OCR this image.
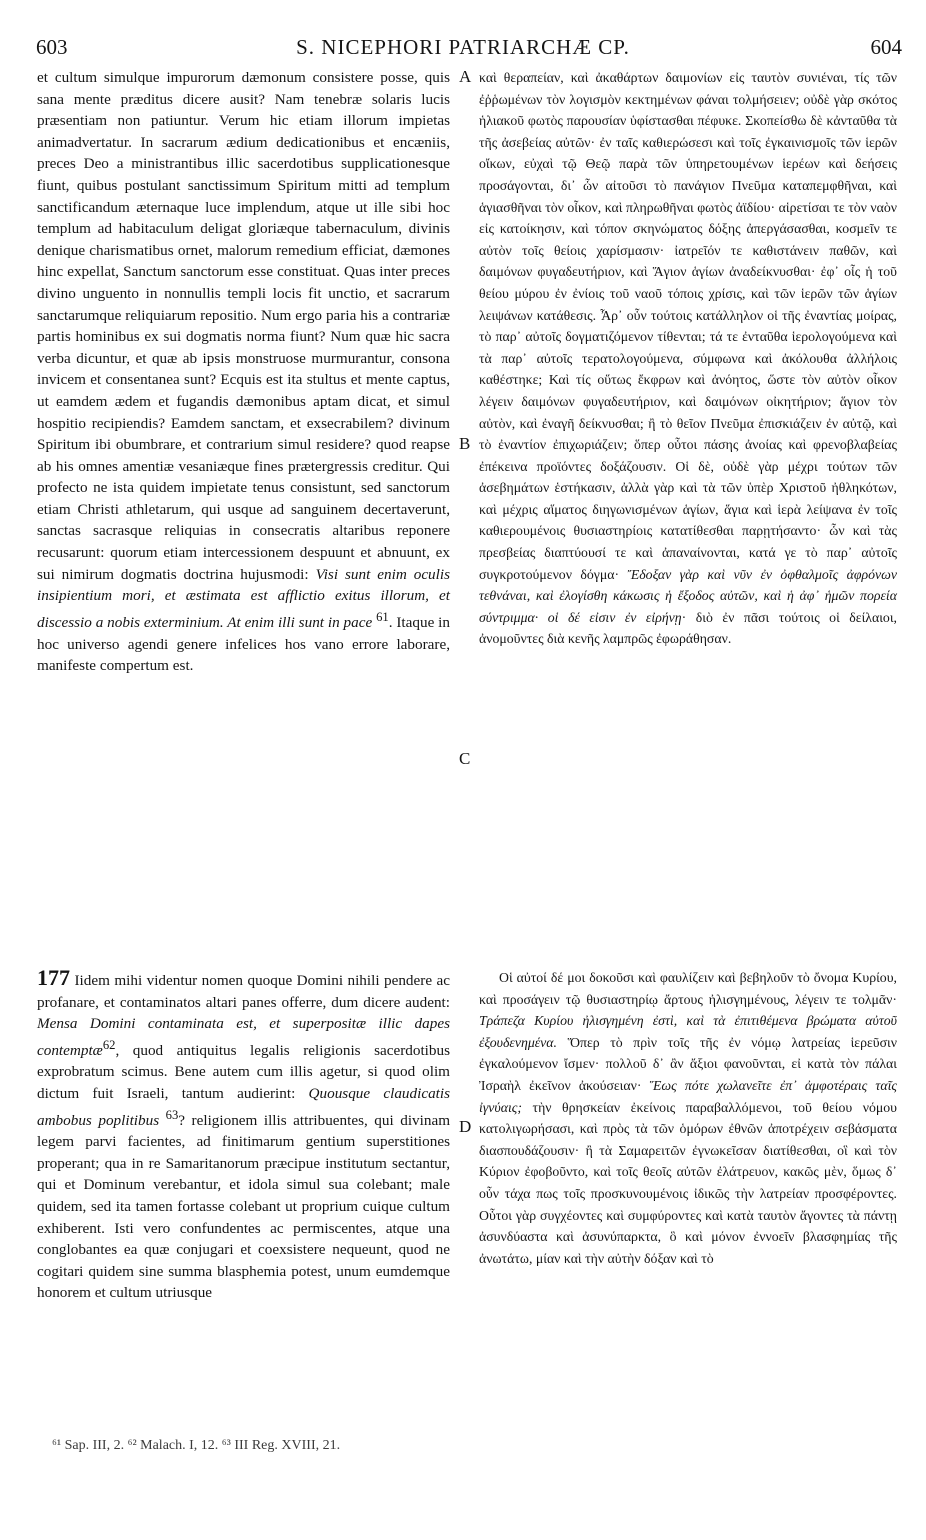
603	S. NICEPHORI PATRIARCHÆ CP.	604
A
B
C
D

et cultum simulque impurorum dæmonum consistere posse, quis sana mente præditus dicere ausit? Nam tenebræ solaris lucis præsentiam non patiuntur. Verum hic etiam illorum impietas animadvertatur. In sacrarum ædium dedicationibus et encæniis, preces Deo a ministrantibus illic sacerdotibus supplicationesque fiunt, quibus postulant sanctissimum Spiritum mitti ad templum sanctificandum æternaque luce implendum, atque ut ille sibi hoc templum ad habitaculum deligat gloriæque tabernaculum, divinis denique charismatibus ornet, malorum remedium efficiat, dæmones hinc expellat, Sanctum sanctorum esse constituat. Quas inter preces divino unguento in nonnullis templi locis fit unctio, et sacrarum sanctarumque reliquiarum repositio. Num ergo paria his a contrariæ partis hominibus ex sui dogmatis norma fiunt? Num quæ hic sacra verba dicuntur, et quæ ab ipsis monstruose murmurantur, consona invicem et consentanea sunt? Ecquis est ita stultus et mente captus, ut eamdem ædem et fugandis dæmonibus aptam dicat, et simul hospitio recipiendis? Eamdem sanctam, et exsecrabilem? divinum Spiritum ibi obumbrare, et contrarium simul residere? quod reapse ab his omnes amentiæ vesaniæque fines prætergressis creditur. Qui profecto ne ista quidem impietate tenus consistunt, sed sanctorum etiam Christi athletarum, qui usque ad sanguinem decertaverunt, sanctas sacrasque reliquias in consecratis altaribus reponere recusarunt: quorum etiam intercessionem despuunt et abnuunt, ex sui nimirum dogmatis doctrina hujusmodi: Visi sunt enim oculis insipientium mori, et æstimata est afflictio exitus illorum, et discessio a nobis exterminium. At enim illi sunt in pace $^{61}$. Itaque in hoc universo agendi genere infelices hos vano errore laborare, manifeste compertum est.

καὶ θεραπείαν, καὶ ἀκαθάρτων δαιμονίων εἰς ταυτὸν συνιέναι, τίς τῶν ἐῤῥωμένων τὸν λογισμὸν κεκτημένων φάναι τολμήσειεν; οὐδὲ γὰρ σκότος ἡλιακοῦ φωτὸς παρουσίαν ὑφίστασθαι πέφυκε. Σκοπείσθω δὲ κἀνταῦθα τὰ τῆς ἀσεβείας αὐτῶν· ἐν ταῖς καθιερώσεσι καὶ τοῖς ἐγκαινισμοῖς τῶν ἱερῶν οἴκων, εὐχαὶ τῷ Θεῷ παρὰ τῶν ὑπηρετουμένων ἱερέων καὶ δεήσεις προσάγονται, δι᾽ ὧν αἰτοῦσι τὸ πανάγιον Πνεῦμα καταπεμφθῆναι, καὶ ἁγιασθῆναι τὸν οἶκον, καὶ πληρωθῆναι φωτὸς ἀϊδίου· αἱρετίσαι τε τὸν ναὸν εἰς κατοίκησιν, καὶ τόπον σκηνώματος δόξης ἀπεργάσασθαι, κοσμεῖν τε αὐτὸν τοῖς θείοις χαρίσμασιν· ἰατρεῖόν τε καθιστάνειν παθῶν, καὶ δαιμόνων φυγαδευτήριον, καὶ Ἅγιον ἁγίων ἀναδείκνυσθαι· ἐφ᾽ οἷς ἡ τοῦ θείου μύρου ἐν ἐνίοις τοῦ ναοῦ τόποις χρίσις, καὶ τῶν ἱερῶν τῶν ἁγίων λειψάνων κατάθεσις. Ἆρ᾽ οὖν τούτοις κατάλληλον οἱ τῆς ἐναντίας μοίρας, τὸ παρ᾽ αὐτοῖς δογματιζόμενον τίθενται; τά τε ἐνταῦθα ἱερολογούμενα καὶ τὰ παρ᾽ αὐτοῖς τερατολογούμενα, σύμφωνα καὶ ἀκόλουθα ἀλλήλοις καθέστηκε; Καὶ τίς οὕτως ἔκφρων καὶ ἀνόητος, ὥστε τὸν αὐτὸν οἶκον λέγειν δαιμόνων φυγαδευτήριον, καὶ δαιμόνων οἰκητήριον; ἅγιον τὸν αὐτὸν, καὶ ἐναγῆ δείκνυσθαι; ἢ τὸ θεῖον Πνεῦμα ἐπισκιάζειν ἐν αὐτῷ, καὶ τὸ ἐναντίον ἐπιχωριάζειν; ὅπερ οὗτοι πάσης ἀνοίας καὶ φρενοβλαβείας ἐπέκεινα προϊόντες δοξάζουσιν. Οἱ δὲ, οὐδὲ γὰρ μέχρι τούτων τῶν ἀσεβημάτων ἑστήκασιν, ἀλλὰ γὰρ καὶ τὰ τῶν ὑπὲρ Χριστοῦ ἠθληκότων, καὶ μέχρις αἵματος διηγωνισμένων ἁγίων, ἅγια καὶ ἱερὰ λείψανα ἐν τοῖς καθιερουμένοις θυσιαστηρίοις κατατίθεσθαι παρῃτήσαντο· ὧν καὶ τὰς πρεσβείας διαπτύουσί τε καὶ ἀπαναίνονται, κατά γε τὸ παρ᾽ αὐτοῖς συγκροτούμενον δόγμα· Ἔδοξαν γὰρ καὶ νῦν ἐν ὀφθαλμοῖς ἀφρόνων τεθνάναι, καὶ ἐλογίσθη κάκωσις ἡ ἔξοδος αὐτῶν, καὶ ἡ ἀφ᾽ ἡμῶν πορεία σύντριμμα· οἱ δέ εἰσιν ἐν εἰρήνῃ· διὸ ἐν πᾶσι τούτοις οἱ δείλαιοι, ἀνομοῦντες διὰ κενῆς λαμπρῶς ἐφωράθησαν.

177 Iidem mihi videntur nomen quoque Domini nihili pendere ac profanare, et contaminatos altari panes offerre, dum dicere audent: Mensa Domini contaminata est, et superpositæ illic dapes contemptæ$^{62}$, quod antiquitus legalis religionis sacerdotibus exprobratum scimus. Bene autem cum illis agetur, si quod olim dictum fuit Israeli, tantum audierint: Quousque claudicatis ambobus poplitibus $^{63}$? religionem illis attribuentes, qui divinam legem parvi facientes, ad finitimarum gentium superstitiones properant; qua in re Samaritanorum præcipue institutum sectantur, qui et Dominum verebantur, et idola simul sua colebant; male quidem, sed ita tamen fortasse colebant ut proprium cuique cultum exhiberent. Isti vero confundentes ac permiscentes, atque una conglobantes ea quæ conjugari et coexsistere nequeunt, quod ne cogitari quidem sine summa blasphemia potest, unum eumdemque honorem et cultum utriusque

Οἱ αὐτοί δέ μοι δοκοῦσι καὶ φαυλίζειν καὶ βεβηλοῦν τὸ ὄνομα Κυρίου, καὶ προσάγειν τῷ θυσιαστηρίῳ ἄρτους ἠλισγημένους, λέγειν τε τολμᾶν· Τράπεζα Κυρίου ἠλισγημένη ἐστὶ, καὶ τὰ ἐπιτιθέμενα βρώματα αὐτοῦ ἐξουδενημένα. Ὅπερ τὸ πρὶν τοῖς τῆς ἐν νόμῳ λατρείας ἱερεῦσιν ἐγκαλούμενον ἴσμεν· πολλοῦ δ᾽ ἂν ἄξιοι φανοῦνται, εἰ κατὰ τὸν πάλαι Ἰσραὴλ ἐκεῖνον ἀκούσειαν· Ἕως πότε χωλανεῖτε ἐπ᾽ ἀμφοτέραις ταῖς ἰγνύαις; τὴν θρησκείαν ἐκείνοις παραβαλλόμενοι, τοῦ θείου νόμου κατολιγωρήσασι, καὶ πρὸς τὰ τῶν ὁμόρων ἐθνῶν ἀποτρέχειν σεβάσματα διασπουδάζουσιν· ἢ τὰ Σαμαρειτῶν ἐγνωκεῖσαν διατίθεσθαι, οἳ καὶ τὸν Κύριον ἐφοβοῦντο, καὶ τοῖς θεοῖς αὐτῶν ἐλάτρευον, κακῶς μὲν, ὅμως δ᾽ οὖν τάχα πως τοῖς προσκυνουμένοις ἰδικῶς τὴν λατρείαν προσφέροντες. Οὗτοι γὰρ συγχέοντες καὶ συμφύροντες καὶ κατὰ ταυτὸν ἄγοντες τὰ πάντῃ ἀσυνδύαστα καὶ ἀσυνύπαρκτα, ὃ καὶ μόνον ἐννοεῖν βλασφημίας τῆς ἀνωτάτω, μίαν καὶ τὴν αὐτὴν δόξαν καὶ τὸ

⁶¹ Sap. III, 2. ⁶² Malach. I, 12. ⁶³ III Reg. XVIII, 21.
